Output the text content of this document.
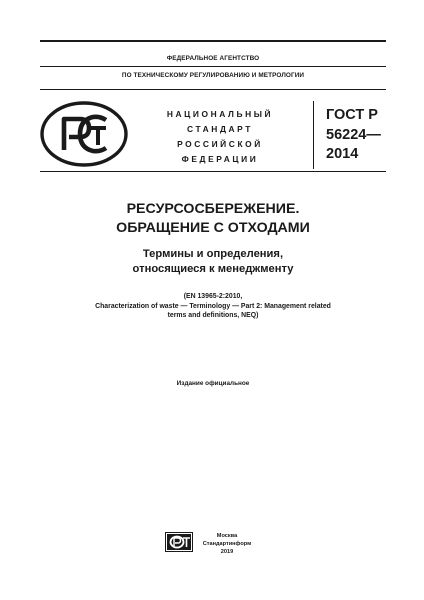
ФЕДЕРАЛЬНОЕ АГЕНТСТВО
ПО ТЕХНИЧЕСКОМУ РЕГУЛИРОВАНИЮ И МЕТРОЛОГИИ
НАЦИОНАЛЬНЫЙ
СТАНДАРТ
РОССИЙСКОЙ
ФЕДЕРАЦИИ
ГОСТ Р
56224—
2014
РЕСУРСОСБЕРЕЖЕНИЕ.
ОБРАЩЕНИЕ С ОТХОДАМИ
Термины и определения,
относящиеся к менеджменту
(EN 13965-2:2010,
Characterization of waste — Terminology — Part 2: Management related
terms and definitions, NEQ)
Издание официальное
Москва
Стандартинформ
2019
